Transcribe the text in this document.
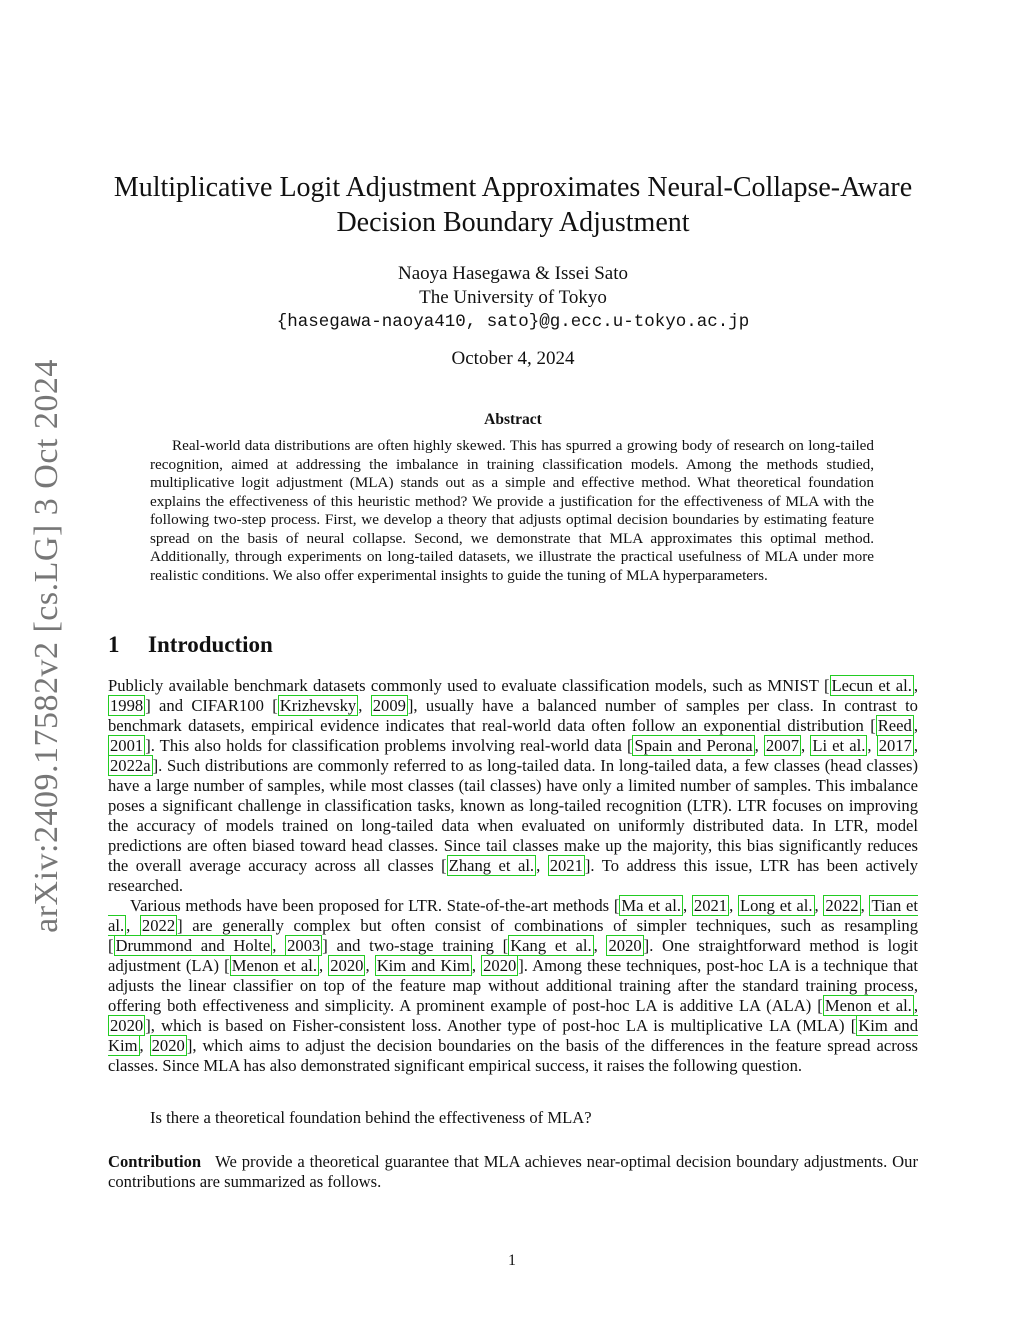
arXiv:2409.17582v2 [cs.LG] 3 Oct 2024
Multiplicative Logit Adjustment Approximates Neural-Collapse-Aware
Decision Boundary Adjustment
Naoya Hasegawa & Issei Sato
The University of Tokyo
{hasegawa-naoya410, sato}@g.ecc.u-tokyo.ac.jp
October 4, 2024
Abstract

Real-world data distributions are often highly skewed. This has spurred a growing body of research on long-tailed recognition, aimed at addressing the imbalance in training classification models. Among the methods studied, multiplicative logit adjustment (MLA) stands out as a simple and effective method. What theoretical foundation explains the effectiveness of this heuristic method? We provide a justification for the effectiveness of MLA with the following two-step process. First, we develop a theory that adjusts optimal decision boundaries by estimating feature spread on the basis of neural collapse. Second, we demonstrate that MLA approximates this optimal method. Additionally, through experiments on long-tailed datasets, we illustrate the practical usefulness of MLA under more realistic conditions. We also offer experimental insights to guide the tuning of MLA hyperparameters.

1 Introduction

Publicly available benchmark datasets commonly used to evaluate classification models, such as MNIST [ Lecun et al. , 1998 ] and CIFAR100 [ Krizhevsky , 2009 ], usually have a balanced number of samples per class. In contrast to benchmark datasets, empirical evidence indicates that real-world data often follow an exponential distribution [ Reed , 2001 ]. This also holds for classification problems involving real-world data [ Spain and Perona , 2007 , Li et al. , 2017 , 2022a ]. Such distributions are commonly referred to as long-tailed data. In long-tailed data, a few classes (head classes) have a large number of samples, while most classes (tail classes) have only a limited number of samples. This imbalance poses a significant challenge in classification tasks, known as long-tailed recognition (LTR). LTR focuses on improving the accuracy of models trained on long-tailed data when evaluated on uniformly distributed data. In LTR, model predictions are often biased toward head classes. Since tail classes make up the majority, this bias significantly reduces the overall average accuracy across all classes [ Zhang et al. , 2021 ]. To address this issue, LTR has been actively researched.

Various methods have been proposed for LTR. State-of-the-art methods [ Ma et al. , 2021 , Long et al. , 2022 , Tian et al. , 2022 ] are generally complex but often consist of combinations of simpler techniques, such as resampling [ Drummond and Holte , 2003 ] and two-stage training [ Kang et al. , 2020 ]. One straightforward method is logit adjustment (LA) [ Menon et al. , 2020 , Kim and Kim , 2020 ]. Among these techniques, post-hoc LA is a technique that adjusts the linear classifier on top of the feature map without additional training after the standard training process, offering both effectiveness and simplicity. A prominent example of post-hoc LA is additive LA (ALA) [ Menon et al. , 2020 ], which is based on Fisher-consistent loss. Another type of post-hoc LA is multiplicative LA (MLA) [ Kim and Kim , 2020 ], which aims to adjust the decision boundaries on the basis of the differences in the feature spread across classes. Since MLA has also demonstrated significant empirical success, it raises the following question.

Is there a theoretical foundation behind the effectiveness of MLA?

Contribution We provide a theoretical guarantee that MLA achieves near-optimal decision boundary adjustments. Our contributions are summarized as follows.

1
